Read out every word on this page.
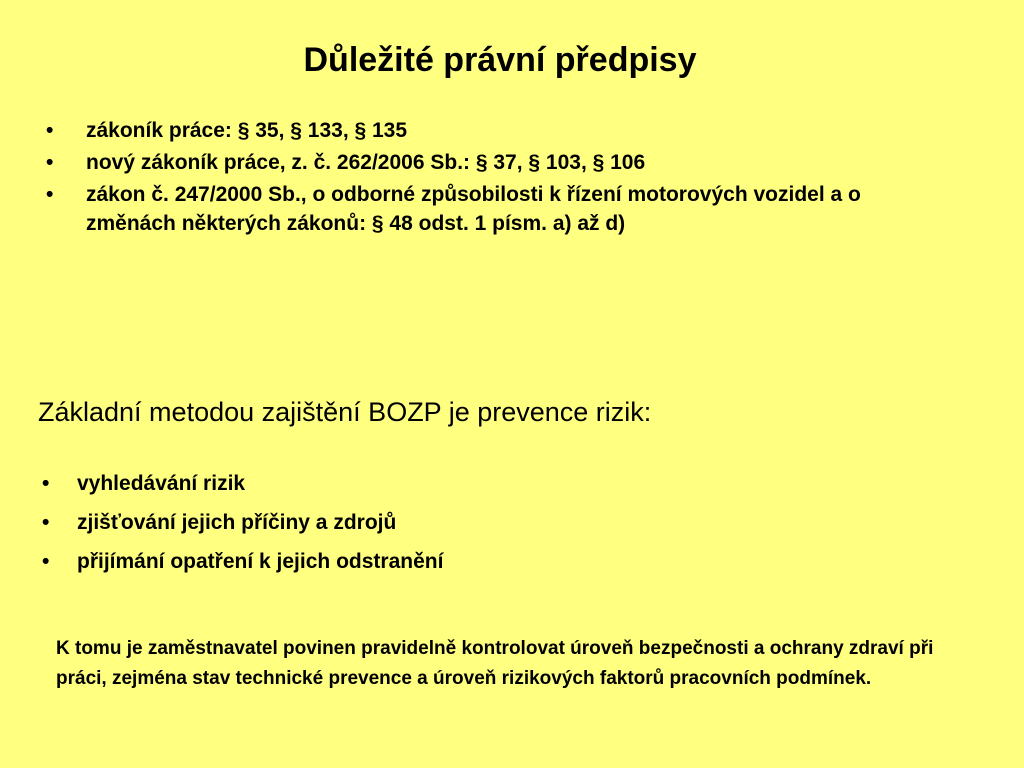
Důležité právní předpisy
• zákoník práce: § 35, § 133, § 135
• nový zákoník práce, z. č. 262/2006 Sb.: § 37, § 103, § 106
• zákon č. 247/2000 Sb., o odborné způsobilosti k řízení motorových vozidel a o změnách některých zákonů: § 48 odst. 1 písm. a) až d)
Základní metodou zajištění BOZP je prevence rizik:
• vyhledávání rizik
• zjišťování jejich příčiny a zdrojů
• přijímání opatření k jejich odstranění

K tomu je zaměstnavatel povinen pravidelně kontrolovat úroveň bezpečnosti a ochrany zdraví při práci, zejména stav technické prevence a úroveň rizikových faktorů pracovních podmínek.
